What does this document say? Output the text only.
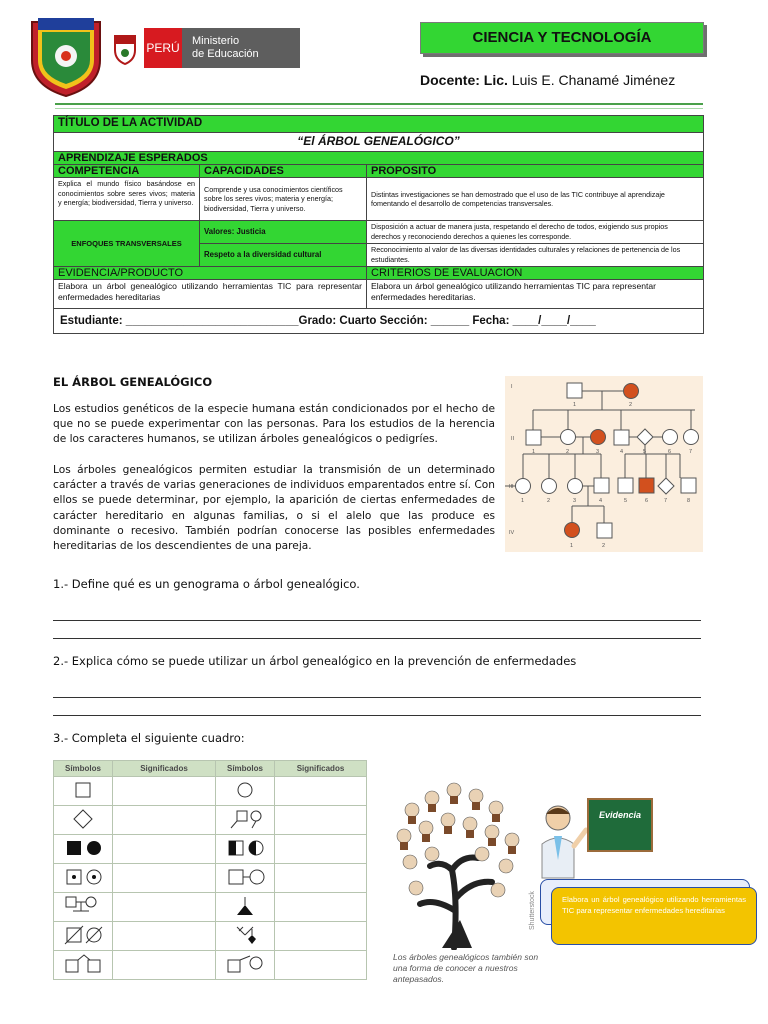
PERÚ Ministerio
de Educación
CIENCIA Y TECNOLOGÍA
Docente: Lic. Luis E. Chanamé Jiménez
TÍTULO DE LA ACTIVIDAD		
“El ÁRBOL GENEALÓGICO”		
APRENDIZAJE ESPERADOS		
COMPETENCIA	CAPACIDADES	PROPOSITO
Explica el mundo físico basándose en conocimientos sobre seres vivos; materia y energía; biodiversidad, Tierra y universo.	Comprende y usa conocimientos científicos sobre los seres vivos; materia y energía; biodiversidad, Tierra y universo.	Distintas investigaciones se han demostrado que el uso de las TIC contribuye al aprendizaje fomentando el desarrollo de competencias transversales.
ENFOQUES TRANSVERSALES	Valores: Justicia	Disposición a actuar de manera justa, respetando el derecho de todos, exigiendo sus propios derechos y reconociendo derechos a quienes les corresponde.
	Respeto a la diversidad cultural	Reconocimiento al valor de las diversas identidades culturales y relaciones de pertenencia de los estudiantes.
EVIDENCIA/PRODUCTO		CRITERIOS DE EVALUACION
Elabora un árbol genealógico utilizando herramientas TIC para representar enfermedades hereditarias		Elabora un árbol genealógico utilizando herramientas TIC para representar enfermedades hereditarias.
Estudiante: ___________________________Grado: Cuarto Sección: ______ Fecha: ____/____/____		
EL ÁRBOL GENEALÓGICO
Los estudios genéticos de la especie humana están condicionados por el hecho de que no se puede experimentar con las personas. Para los estudios de la herencia de los caracteres humanos, se utilizan árboles genealógicos o pedigríes.
Los árboles genealógicos permiten estudiar la transmisión de un determinado carácter a través de varias generaciones de individuos emparentados entre sí. Con ellos se puede determinar, por ejemplo, la aparición de ciertas enfermedades de carácter hereditario en algunas familias, o si el alelo que las produce es dominante o recesivo. También podrían conocerse las posibles enfermedades hereditarias de los descendientes de una pareja.
I
II
III
IV
1	2
1	2	3	4	5	6	7
1	2	3	4	5	6	7	8
1	2
1.- Define qué es un genograma o árbol genealógico.
2.- Explica cómo se puede utilizar un árbol genealógico en la prevención de enfermedades
3.- Completa el siguiente cuadro:
Símbolos	Significados	Símbolos	Significados

Shutterstock
Evidencia
Elabora un árbol genealógico utilizando herramientas TIC para representar enfermedades hereditarias
Los árboles genealógicos también son una forma de conocer a nuestros antepasados.
